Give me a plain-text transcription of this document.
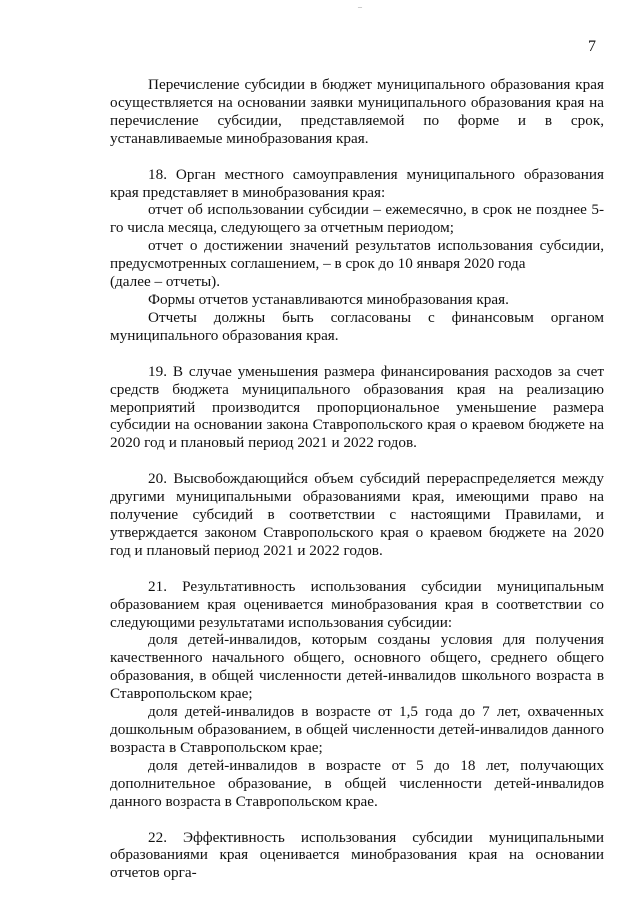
–
7

Перечисление субсидии в бюджет муниципального образования края осуществляется на основании заявки муниципального образования края на перечисление субсидии, представляемой по форме и в срок, устанавливаемые минобразования края.

18. Орган местного самоуправления муниципального образования края представляет в минобразования края:

отчет об использовании субсидии – ежемесячно, в срок не позднее 5-го числа месяца, следующего за отчетным периодом;

отчет о достижении значений результатов использования субсидии, предусмотренных соглашением, – в срок до 10 января 2020 года

(далее – отчеты).

Формы отчетов устанавливаются минобразования края.

Отчеты должны быть согласованы с финансовым органом муниципального образования края.

19. В случае уменьшения размера финансирования расходов за счет средств бюджета муниципального образования края на реализацию мероприятий производится пропорциональное уменьшение размера субсидии на основании закона Ставропольского края о краевом бюджете на 2020 год и плановый период 2021 и 2022 годов.

20. Высвобождающийся объем субсидий перераспределяется между другими муниципальными образованиями края, имеющими право на получение субсидий в соответствии с настоящими Правилами, и утверждается законом Ставропольского края о краевом бюджете на 2020 год и плановый период 2021 и 2022 годов.

21. Результативность использования субсидии муниципальным образованием края оценивается минобразования края в соответствии со следующими результатами использования субсидии:

доля детей-инвалидов, которым созданы условия для получения качественного начального общего, основного общего, среднего общего образования, в общей численности детей-инвалидов школьного возраста в Ставропольском крае;

доля детей-инвалидов в возрасте от 1,5 года до 7 лет, охваченных дошкольным образованием, в общей численности детей-инвалидов данного возраста в Ставропольском крае;

доля детей-инвалидов в возрасте от 5 до 18 лет, получающих дополнительное образование, в общей численности детей-инвалидов данного возраста в Ставропольском крае.

22. Эффективность использования субсидии муниципальными образованиями края оценивается минобразования края на основании отчетов орга-
